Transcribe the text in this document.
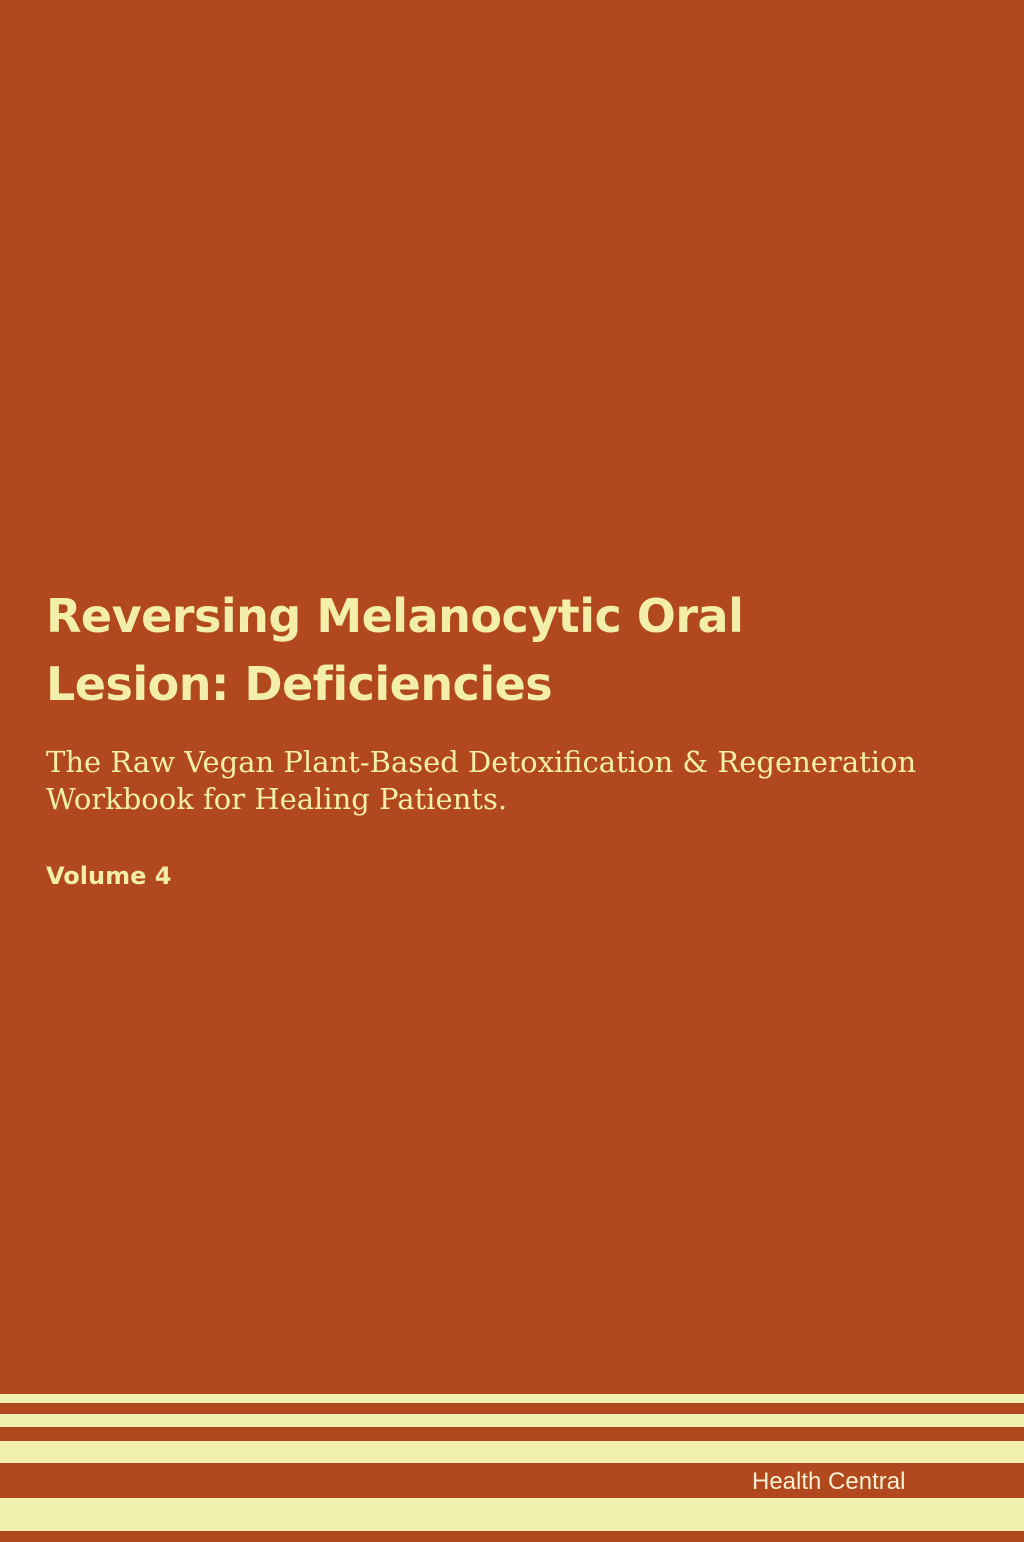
Reversing Melanocytic Oral
Lesion: Deficiencies

The Raw Vegan Plant-Based Detoxification & Regeneration
Workbook for Healing Patients.

Volume 4

Health Central
